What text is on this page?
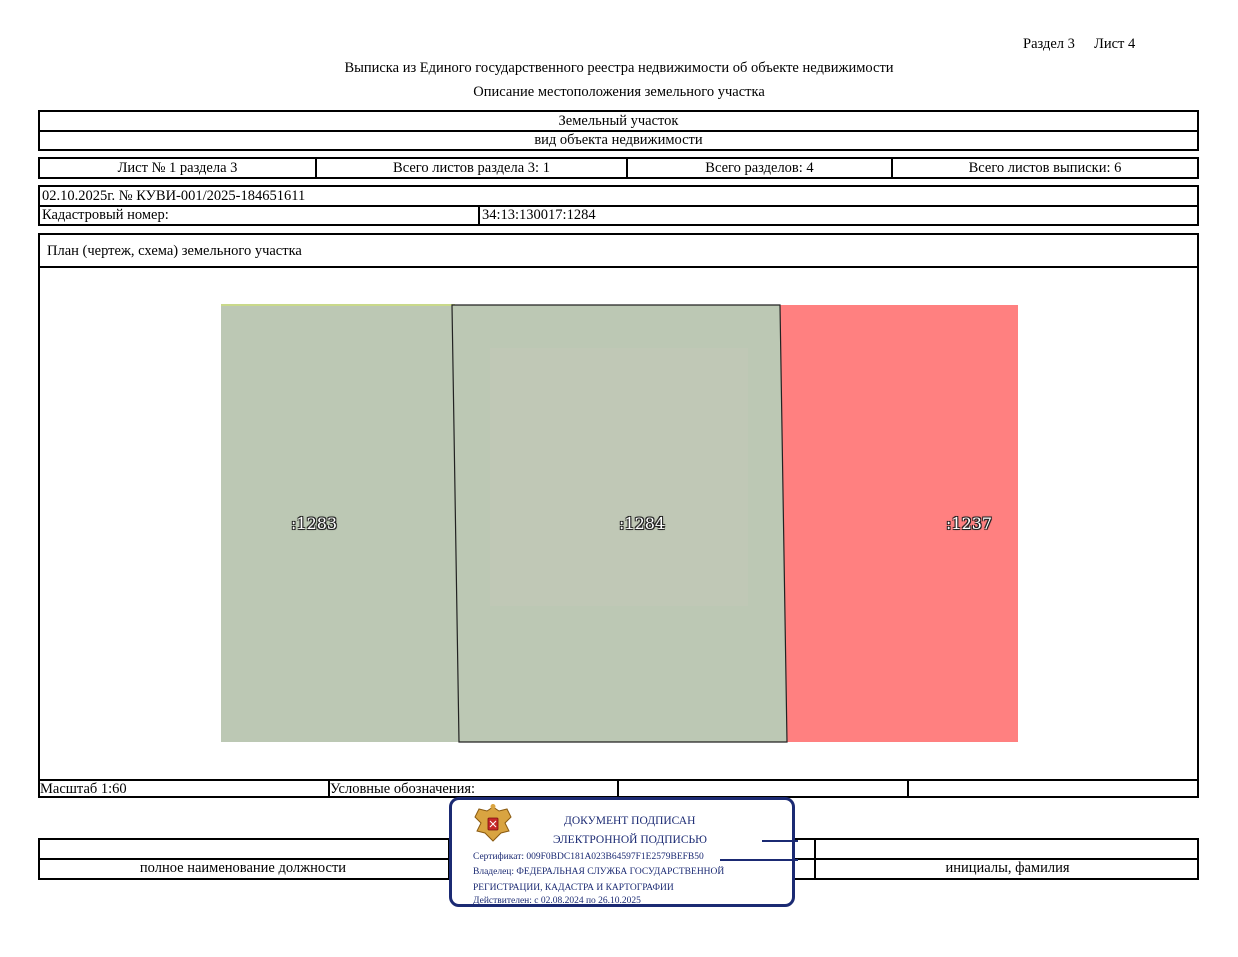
Раздел 3 Лист 4
Выписка из Единого государственного реестра недвижимости об объекте недвижимости
Описание местоположения земельного участка
Земельный участок
вид объекта недвижимости
Лист № 1 раздела 3	Всего листов раздела 3: 1	Всего разделов: 4	Всего листов выписки: 6
02.10.2025г. № КУВИ-001/2025-184651611
Кадастровый номер:	34:13:130017:1284
План (чертеж, схема) земельного участка
:1283	:1284	:1237
Масштаб 1:60	Условные обозначения:
полное наименование должности	инициалы, фамилия
ДОКУМЕНТ ПОДПИСАН
ЭЛЕКТРОННОЙ ПОДПИСЬЮ
Сертификат: 009F0BDC181A023B64597F1E2579BEFB50
Владелец: ФЕДЕРАЛЬНАЯ СЛУЖБА ГОСУДАРСТВЕННОЙ
РЕГИСТРАЦИИ, КАДАСТРА И КАРТОГРАФИИ
Действителен: с 02.08.2024 по 26.10.2025
